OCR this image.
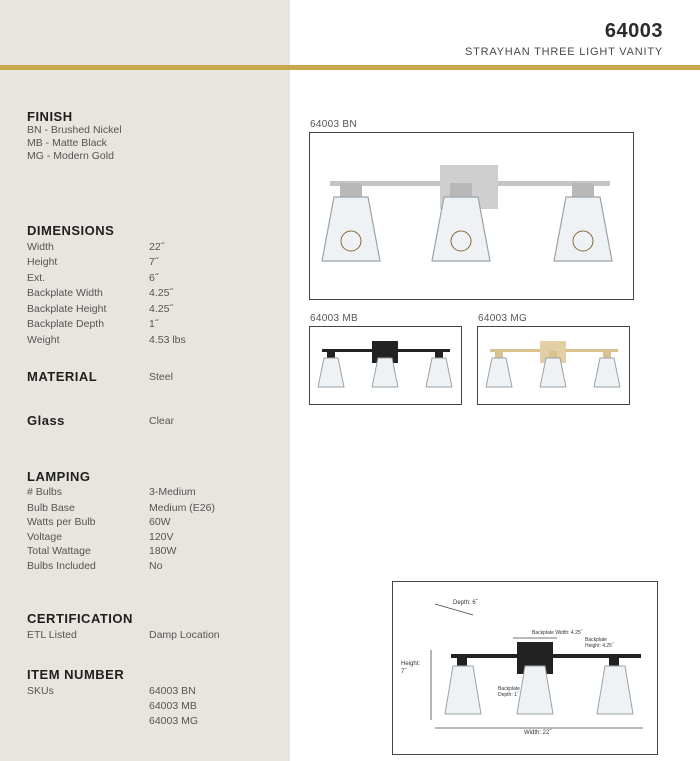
64003
STRAYHAN THREE LIGHT VANITY
FINISH
BN - Brushed Nickel
MB - Matte Black
MG - Modern Gold
DIMENSIONS
Width	22˝
Height	7˝
Ext.	6˝
Backplate Width	4.25˝
Backplate Height	4.25˝
Backplate Depth	1˝
Weight	4.53 lbs
MATERIAL	Steel
Glass	Clear
LAMPING
# Bulbs	3-Medium
Bulb Base	Medium (E26)
Watts per Bulb	60W
Voltage	120V
Total Wattage	180W
Bulbs Included	No
CERTIFICATION
ETL Listed	Damp Location
ITEM NUMBER
SKUs	64003 BN
64003 MB
64003 MG
64003 BN
64003 MB	64003 MG
Depth: 6˝
Backplate Width: 4.25˝
Backplate
Height: 4.25˝
Backplate
Depth: 1˝
Height:
7˝
Width: 22˝
